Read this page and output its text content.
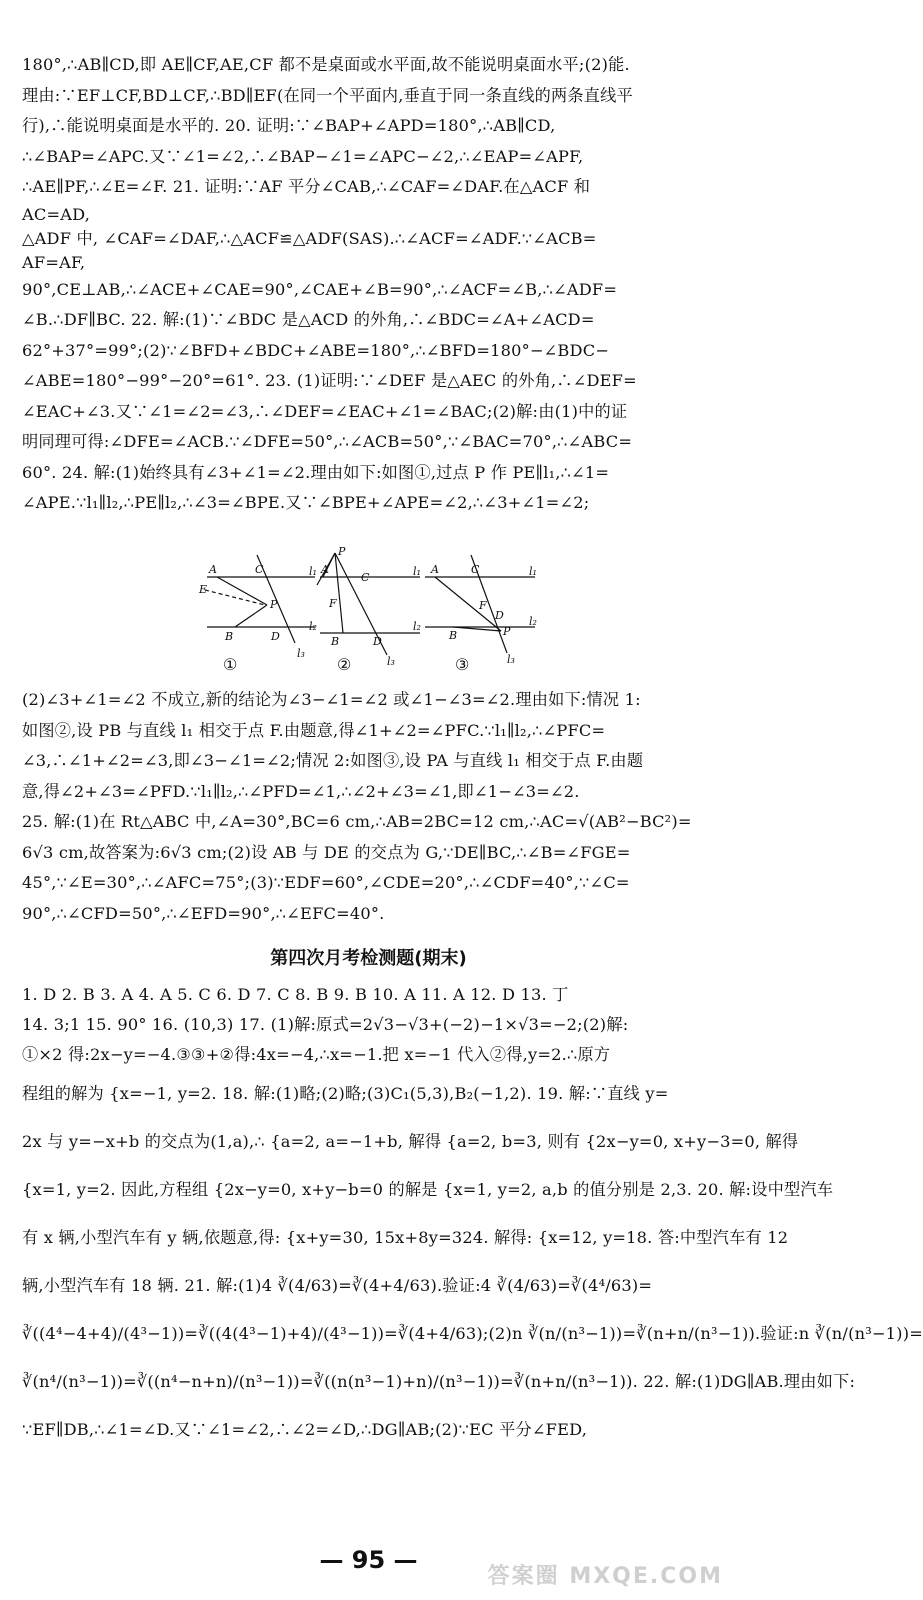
180°,∴AB∥CD,即 AE∥CF,AE,CF 都不是桌面或水平面,故不能说明桌面水平;(2)能.
理由:∵EF⊥CF,BD⊥CF,∴BD∥EF(在同一个平面内,垂直于同一条直线的两条直线平
行),∴能说明桌面是水平的. 20. 证明:∵∠BAP+∠APD=180°,∴AB∥CD,
∴∠BAP=∠APC.又∵∠1=∠2,∴∠BAP−∠1=∠APC−∠2,∴∠EAP=∠APF,
∴AE∥PF,∴∠E=∠F. 21. 证明:∵AF 平分∠CAB,∴∠CAF=∠DAF.在△ACF 和
AC=AD,
△ADF 中, ∠CAF=∠DAF,∴△ACF≌△ADF(SAS).∴∠ACF=∠ADF.∵∠ACB=
AF=AF,
90°,CE⊥AB,∴∠ACE+∠CAE=90°,∠CAE+∠B=90°,∴∠ACF=∠B,∴∠ADF=
∠B.∴DF∥BC. 22. 解:(1)∵∠BDC 是△ACD 的外角,∴∠BDC=∠A+∠ACD=
62°+37°=99°;(2)∵∠BFD+∠BDC+∠ABE=180°,∴∠BFD=180°−∠BDC−
∠ABE=180°−99°−20°=61°. 23. (1)证明:∵∠DEF 是△AEC 的外角,∴∠DEF=
∠EAC+∠3.又∵∠1=∠2=∠3,∴∠DEF=∠EAC+∠1=∠BAC;(2)解:由(1)中的证
明同理可得:∠DFE=∠ACB.∵∠DFE=50°,∴∠ACB=50°,∵∠BAC=70°,∴∠ABC=
60°. 24. 解:(1)始终具有∠3+∠1=∠2.理由如下:如图①,过点 P 作 PE∥l₁,∴∠1=
∠APE.∵l₁∥l₂,∴PE∥l₂,∴∠3=∠BPE.又∵∠BPE+∠APE=∠2,∴∠3+∠1=∠2;
A	C	l₁
E
P
B	D
l₂
l₃
P
A
C	l₁
F
B	D
l₂
l₃
A	C	l₁
F
D
P
B
l₂
l₃
①	②	③
(2)∠3+∠1=∠2 不成立,新的结论为∠3−∠1=∠2 或∠1−∠3=∠2.理由如下:情况 1:
如图②,设 PB 与直线 l₁ 相交于点 F.由题意,得∠1+∠2=∠PFC.∵l₁∥l₂,∴∠PFC=
∠3,∴∠1+∠2=∠3,即∠3−∠1=∠2;情况 2:如图③,设 PA 与直线 l₁ 相交于点 F.由题
意,得∠2+∠3=∠PFD.∵l₁∥l₂,∴∠PFD=∠1,∴∠2+∠3=∠1,即∠1−∠3=∠2.
25. 解:(1)在 Rt△ABC 中,∠A=30°,BC=6 cm,∴AB=2BC=12 cm,∴AC=√(AB²−BC²)=
6√3 cm,故答案为:6√3 cm;(2)设 AB 与 DE 的交点为 G,∵DE∥BC,∴∠B=∠FGE=
45°,∵∠E=30°,∴∠AFC=75°;(3)∵EDF=60°,∠CDE=20°,∴∠CDF=40°,∵∠C=
90°,∴∠CFD=50°,∴∠EFD=90°,∴∠EFC=40°.
第四次月考检测题(期末)
1. D 2. B 3. A 4. A 5. C 6. D 7. C 8. B 9. B 10. A 11. A 12. D 13. 丁
14. 3;1 15. 90° 16. (10,3) 17. (1)解:原式=2√3−√3+(−2)−1×√3=−2;(2)解:
①×2 得:2x−y=−4.③③+②得:4x=−4,∴x=−1.把 x=−1 代入②得,y=2.∴原方
程组的解为 {x=−1, y=2. 18. 解:(1)略;(2)略;(3)C₁(5,3),B₂(−1,2). 19. 解:∵直线 y=
2x 与 y=−x+b 的交点为(1,a),∴ {a=2, a=−1+b, 解得 {a=2, b=3, 则有 {2x−y=0, x+y−3=0, 解得
{x=1, y=2. 因此,方程组 {2x−y=0, x+y−b=0 的解是 {x=1, y=2, a,b 的值分别是 2,3. 20. 解:设中型汽车
有 x 辆,小型汽车有 y 辆,依题意,得: {x+y=30, 15x+8y=324. 解得: {x=12, y=18. 答:中型汽车有 12
辆,小型汽车有 18 辆. 21. 解:(1)4 ∛(4/63)=∛(4+4/63).验证:4 ∛(4/63)=∛(4⁴/63)=
∛((4⁴−4+4)/(4³−1))=∛((4(4³−1)+4)/(4³−1))=∛(4+4/63);(2)n ∛(n/(n³−1))=∛(n+n/(n³−1)).验证:n ∛(n/(n³−1))=
∛(n⁴/(n³−1))=∛((n⁴−n+n)/(n³−1))=∛((n(n³−1)+n)/(n³−1))=∛(n+n/(n³−1)). 22. 解:(1)DG∥AB.理由如下:
∵EF∥DB,∴∠1=∠D.又∵∠1=∠2,∴∠2=∠D,∴DG∥AB;(2)∵EC 平分∠FED,
— 95 —
答案圈 MXQE.COM
